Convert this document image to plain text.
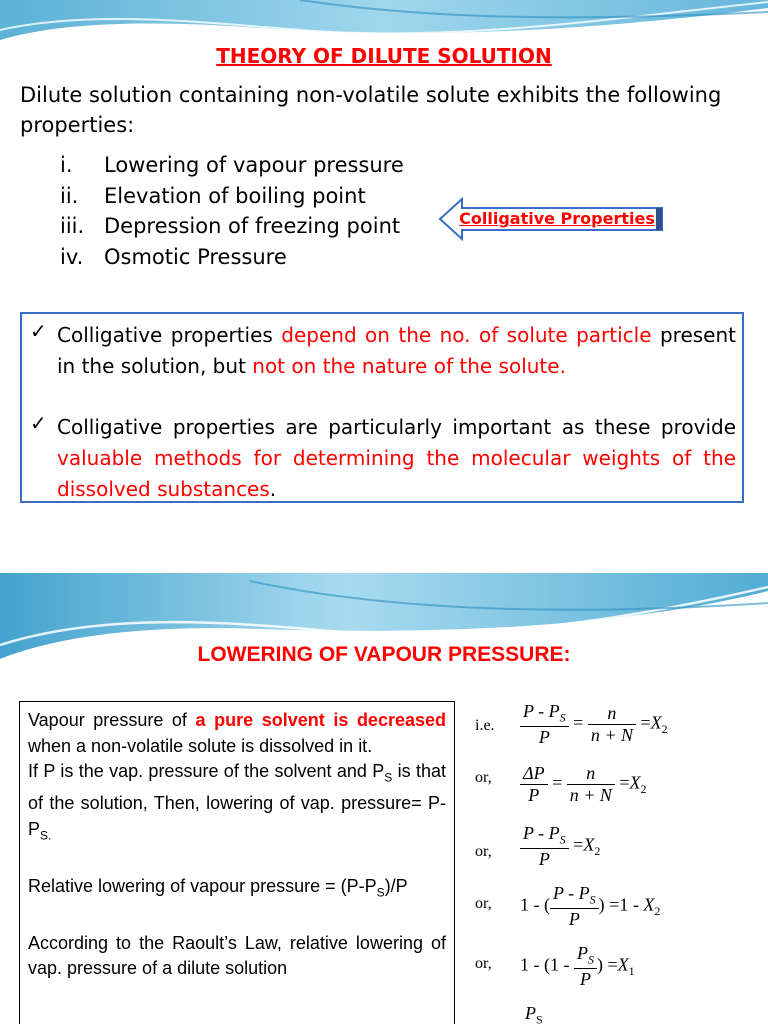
THEORY OF DILUTE SOLUTION
Dilute solution containing non-volatile solute exhibits the following properties:
i.	Lowering of vapour pressure
ii.	Elevation of boiling point
iii. Depression of freezing point
iv. Osmotic Pressure
Colligative Properties
✓ Colligative properties depend on the no. of solute particle present in the solution, but not on the nature of the solute.
✓ Colligative properties are particularly important as these provide valuable methods for determining the molecular weights of the dissolved substances.
LOWERING OF VAPOUR PRESSURE:

Vapour pressure of a pure solvent is decreased when a non-volatile solute is dissolved in it.

If P is the vap. pressure of the solvent and $P_S$ is that of the solution, Then, lowering of vap. pressure= $P-P_{S.}$

Relative lowering of vapour pressure = $(P-P_S)/P$

According to the Raoult’s Law, relative lowering of vap. pressure of a dilute solution

i.e. $\frac{P - P_S}{P} = \frac{n}{n + N} =X_2$
or, $\frac{\Delta P}{P} = \frac{n}{n + N} =X_2$
or, $\frac{P - P_S}{P} =X_2$
or, 1 - ( $\frac{P - P_S}{P}$ ) $=1 - X_2$
or, $1 - (1 - \frac{P_S}{P}$ ) $=X_1$
$P_S$
